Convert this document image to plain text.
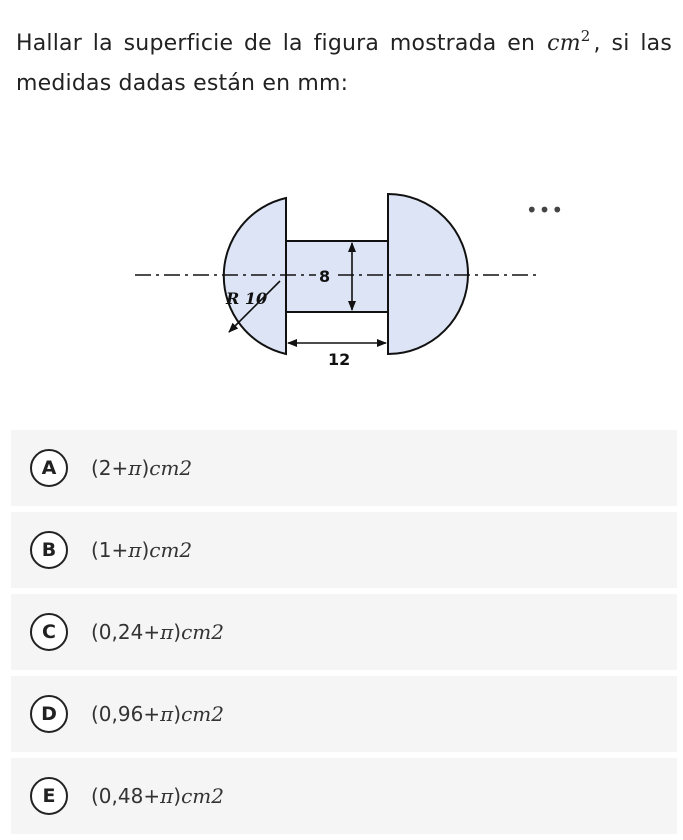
Hallar la superficie de la figura mostrada en $cm^2$ , si las medidas dadas están en mm:
R 10
8
12
•••
A	(2+π)cm2
B	(1+π)cm2
C	(0,24+π)cm2
D	(0,96+π)cm2
E	(0,48+π)cm2
